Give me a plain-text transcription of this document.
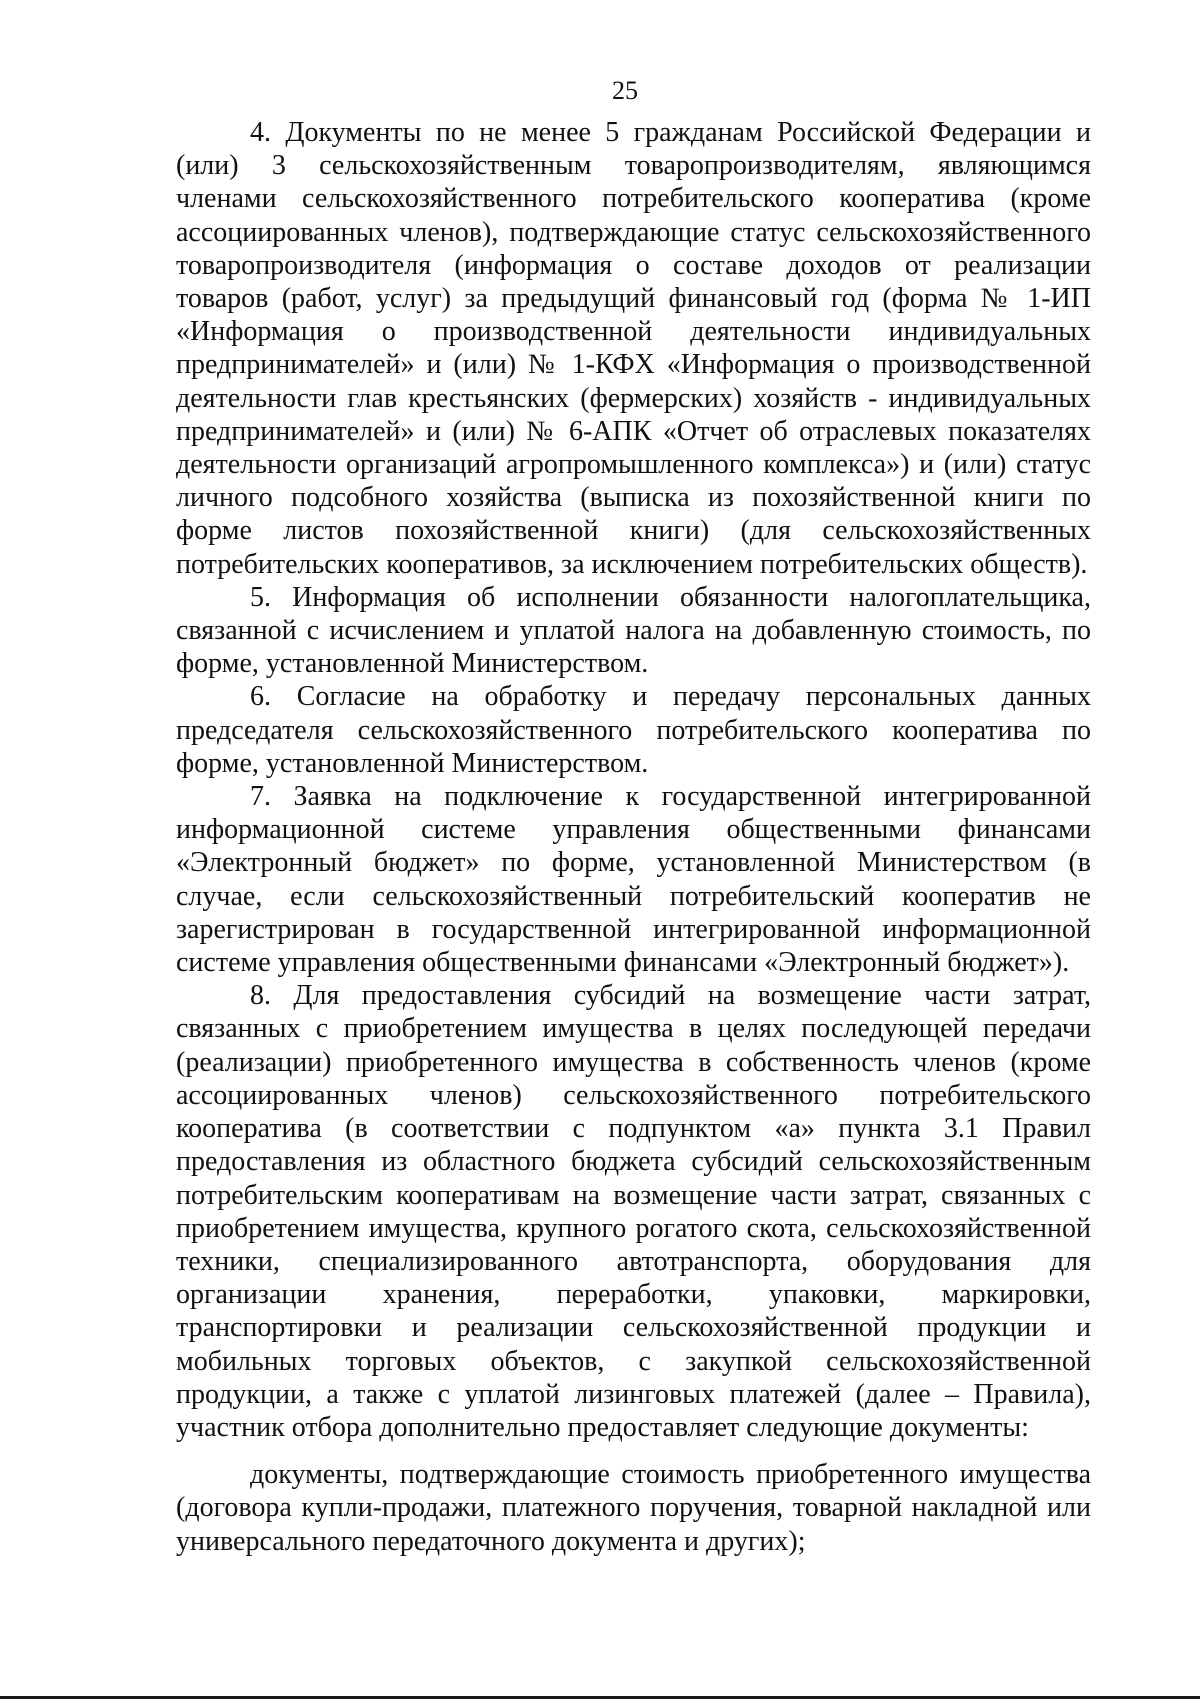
25

4. Документы по не менее 5 гражданам Российской Федерации и (или) 3 сельскохозяйственным товаропроизводителям, являющимся членами сельскохозяйственного потребительского кооператива (кроме ассоциированных членов), подтверждающие статус сельскохозяйственного товаропроизводителя (информация о составе доходов от реализации товаров (работ, услуг) за предыдущий финансовый год (форма № 1-ИП «Информация о производственной деятельности индивидуальных предпринимателей» и (или) № 1-КФХ «Информация о производственной деятельности глав крестьянских (фермерских) хозяйств - индивидуальных предпринимателей» и (или) № 6-АПК «Отчет об отраслевых показателях деятельности организаций агропромышленного комплекса») и (или) статус личного подсобного хозяйства (выписка из похозяйственной книги по форме листов похозяйственной книги) (для сельскохозяйственных потребительских кооперативов, за исключением потребительских обществ).

5. Информация об исполнении обязанности налогоплательщика, связанной с исчислением и уплатой налога на добавленную стоимость, по форме, установленной Министерством.

6. Согласие на обработку и передачу персональных данных председателя сельскохозяйственного потребительского кооператива по форме, установленной Министерством.

7. Заявка на подключение к государственной интегрированной информационной системе управления общественными финансами «Электронный бюджет» по форме, установленной Министерством (в случае, если сельскохозяйственный потребительский кооператив не зарегистрирован в государственной интегрированной информационной системе управления общественными финансами «Электронный бюджет»).

8. Для предоставления субсидий на возмещение части затрат, связанных с приобретением имущества в целях последующей передачи (реализации) приобретенного имущества в собственность членов (кроме ассоциированных членов) сельскохозяйственного потребительского кооператива (в соответствии с подпунктом «а» пункта 3.1 Правил предоставления из областного бюджета субсидий сельскохозяйственным потребительским кооперативам на возмещение части затрат, связанных с приобретением имущества, крупного рогатого скота, сельскохозяйственной техники, специализированного автотранспорта, оборудования для организации хранения, переработки, упаковки, маркировки, транспортировки и реализации сельскохозяйственной продукции и мобильных торговых объектов, с закупкой сельскохозяйственной продукции, а также с уплатой лизинговых платежей (далее – Правила), участник отбора дополнительно предоставляет следующие документы:

документы, подтверждающие стоимость приобретенного имущества (договора купли-продажи, платежного поручения, товарной накладной или универсального передаточного документа и других);
